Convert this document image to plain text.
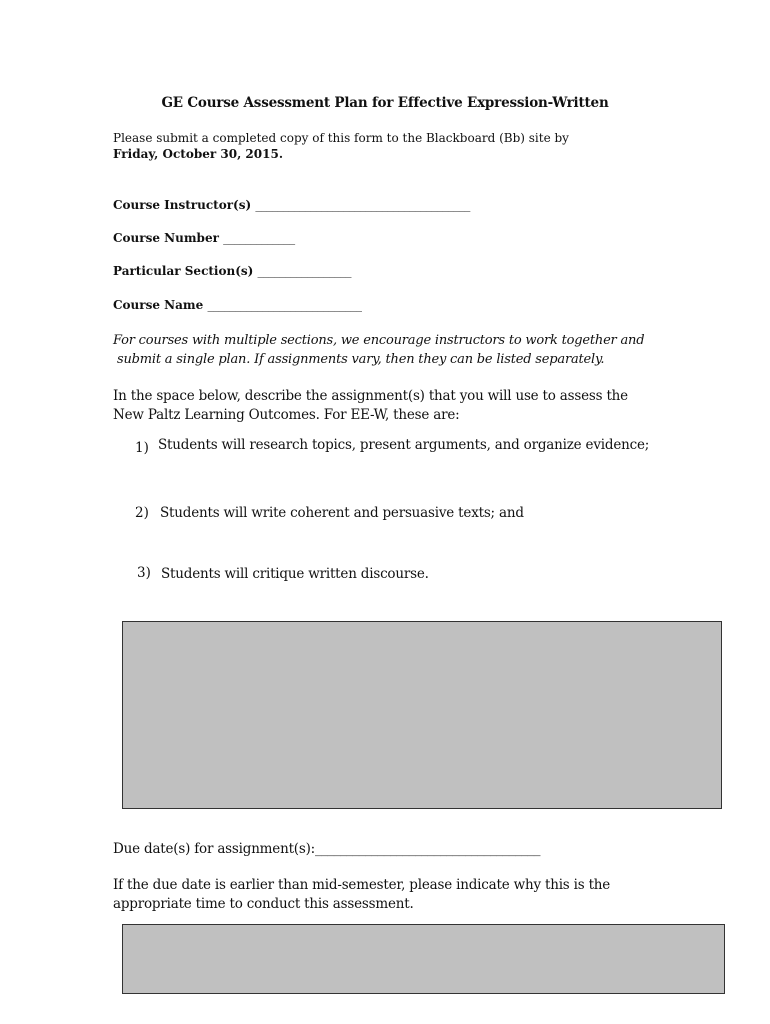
GE Course Assessment Plan for Effective Expression-Written
Please submit a completed copy of this form to the Blackboard (Bb) site by
Friday, October 30, 2015.
Course Instructor(s) _______________________________________
Course Number _____________
Particular Section(s) _________________
Course Name ____________________________
For courses with multiple sections, we encourage instructors to work together and
submit a single plan. If assignments vary, then they can be listed separately.
In the space below, describe the assignment(s) that you will use to assess the
New Paltz Learning Outcomes. For EE-W, these are:
1) Students will research topics, present arguments, and organize evidence;
2) Students will write coherent and persuasive texts; and
3) Students will critique written discourse.
Due date(s) for assignment(s):____________________________________
If the due date is earlier than mid-semester, please indicate why this is the
appropriate time to conduct this assessment.
